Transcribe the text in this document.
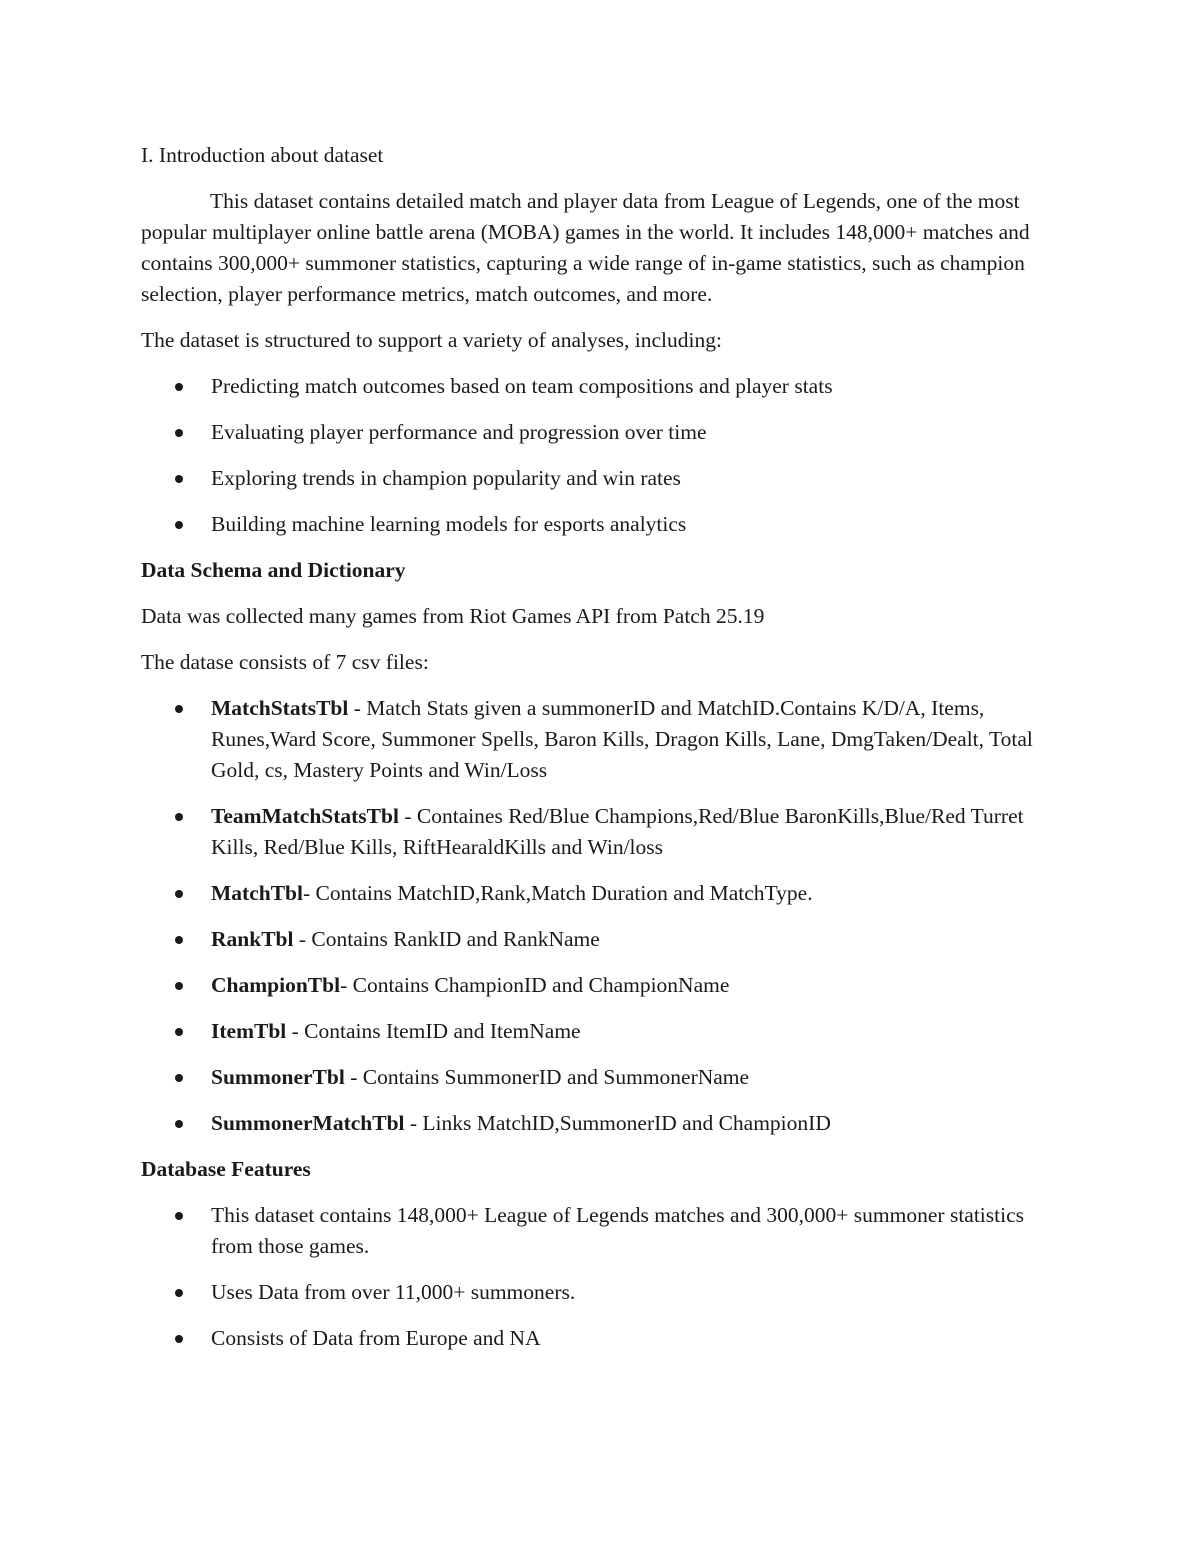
I. Introduction about dataset

This dataset contains detailed match and player data from League of Legends, one of the most popular multiplayer online battle arena (MOBA) games in the world. It includes 148,000+ matches and contains 300,000+ summoner statistics, capturing a wide range of in-game statistics, such as champion selection, player performance metrics, match outcomes, and more.

The dataset is structured to support a variety of analyses, including:

Predicting match outcomes based on team compositions and player stats
Evaluating player performance and progression over time
Exploring trends in champion popularity and win rates
Building machine learning models for esports analytics

Data Schema and Dictionary

Data was collected many games from Riot Games API from Patch 25.19

The datase consists of 7 csv files:

MatchStatsTbl - Match Stats given a summonerID and MatchID.Contains K/D/A, Items, Runes,Ward Score, Summoner Spells, Baron Kills, Dragon Kills, Lane, DmgTaken/Dealt, Total Gold, cs, Mastery Points and Win/Loss
TeamMatchStatsTbl - Containes Red/Blue Champions,Red/Blue BaronKills,Blue/Red Turret Kills, Red/Blue Kills, RiftHearaldKills and Win/loss
MatchTbl- Contains MatchID,Rank,Match Duration and MatchType.
RankTbl - Contains RankID and RankName
ChampionTbl- Contains ChampionID and ChampionName
ItemTbl - Contains ItemID and ItemName
SummonerTbl - Contains SummonerID and SummonerName
SummonerMatchTbl - Links MatchID,SummonerID and ChampionID

Database Features

This dataset contains 148,000+ League of Legends matches and 300,000+ summoner statistics from those games.
Uses Data from over 11,000+ summoners.
Consists of Data from Europe and NA
